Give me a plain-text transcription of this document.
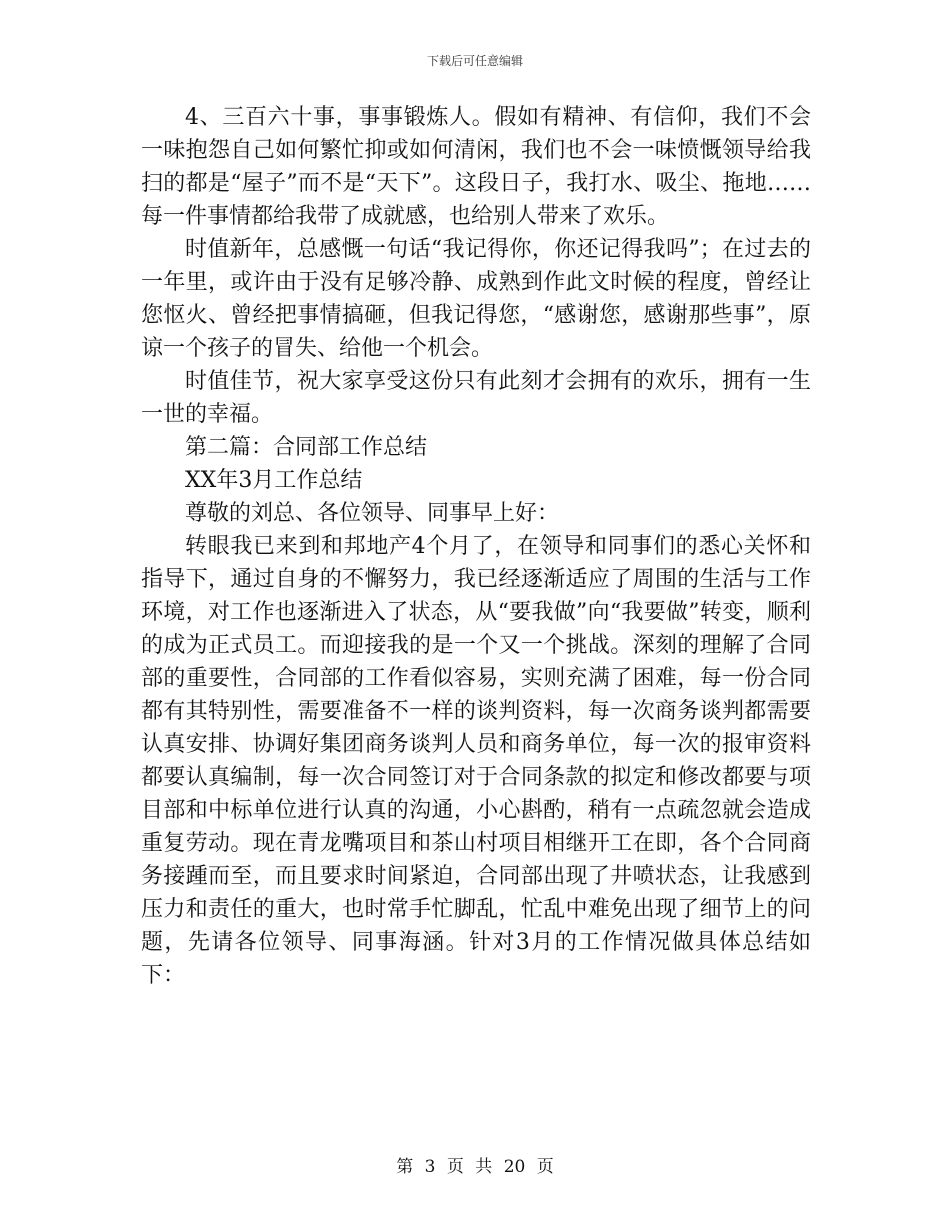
下载后可任意编辑

4、三百六十事，事事锻炼人。假如有精神、有信仰，我们不会一味抱怨自己如何繁忙抑或如何清闲，我们也不会一味愤慨领导给我扫的都是“屋子”而不是“天下”。这段日子，我打水、吸尘、拖地……每一件事情都给我带了成就感，也给别人带来了欢乐。

时值新年，总感慨一句话“我记得你，你还记得我吗”；在过去的一年里，或许由于没有足够冷静、成熟到作此文时候的程度，曾经让您怄火、曾经把事情搞砸，但我记得您，“感谢您，感谢那些事”，原谅一个孩子的冒失、给他一个机会。

时值佳节，祝大家享受这份只有此刻才会拥有的欢乐，拥有一生一世的幸福。

第二篇：合同部工作总结

XX年3月工作总结

尊敬的刘总、各位领导、同事早上好：

转眼我已来到和邦地产4个月了，在领导和同事们的悉心关怀和指导下，通过自身的不懈努力，我已经逐渐适应了周围的生活与工作环境，对工作也逐渐进入了状态，从“要我做”向“我要做”转变，顺利的成为正式员工。而迎接我的是一个又一个挑战。深刻的理解了合同部的重要性，合同部的工作看似容易，实则充满了困难，每一份合同都有其特别性，需要准备不一样的谈判资料，每一次商务谈判都需要认真安排、协调好集团商务谈判人员和商务单位，每一次的报审资料都要认真编制，每一次合同签订对于合同条款的拟定和修改都要与项目部和中标单位进行认真的沟通，小心斟酌，稍有一点疏忽就会造成重复劳动。现在青龙嘴项目和茶山村项目相继开工在即，各个合同商务接踵而至，而且要求时间紧迫，合同部出现了井喷状态，让我感到压力和责任的重大，也时常手忙脚乱，忙乱中难免出现了细节上的问题，先请各位领导、同事海涵。针对3月的工作情况做具体总结如下：

第 3 页 共 20 页
